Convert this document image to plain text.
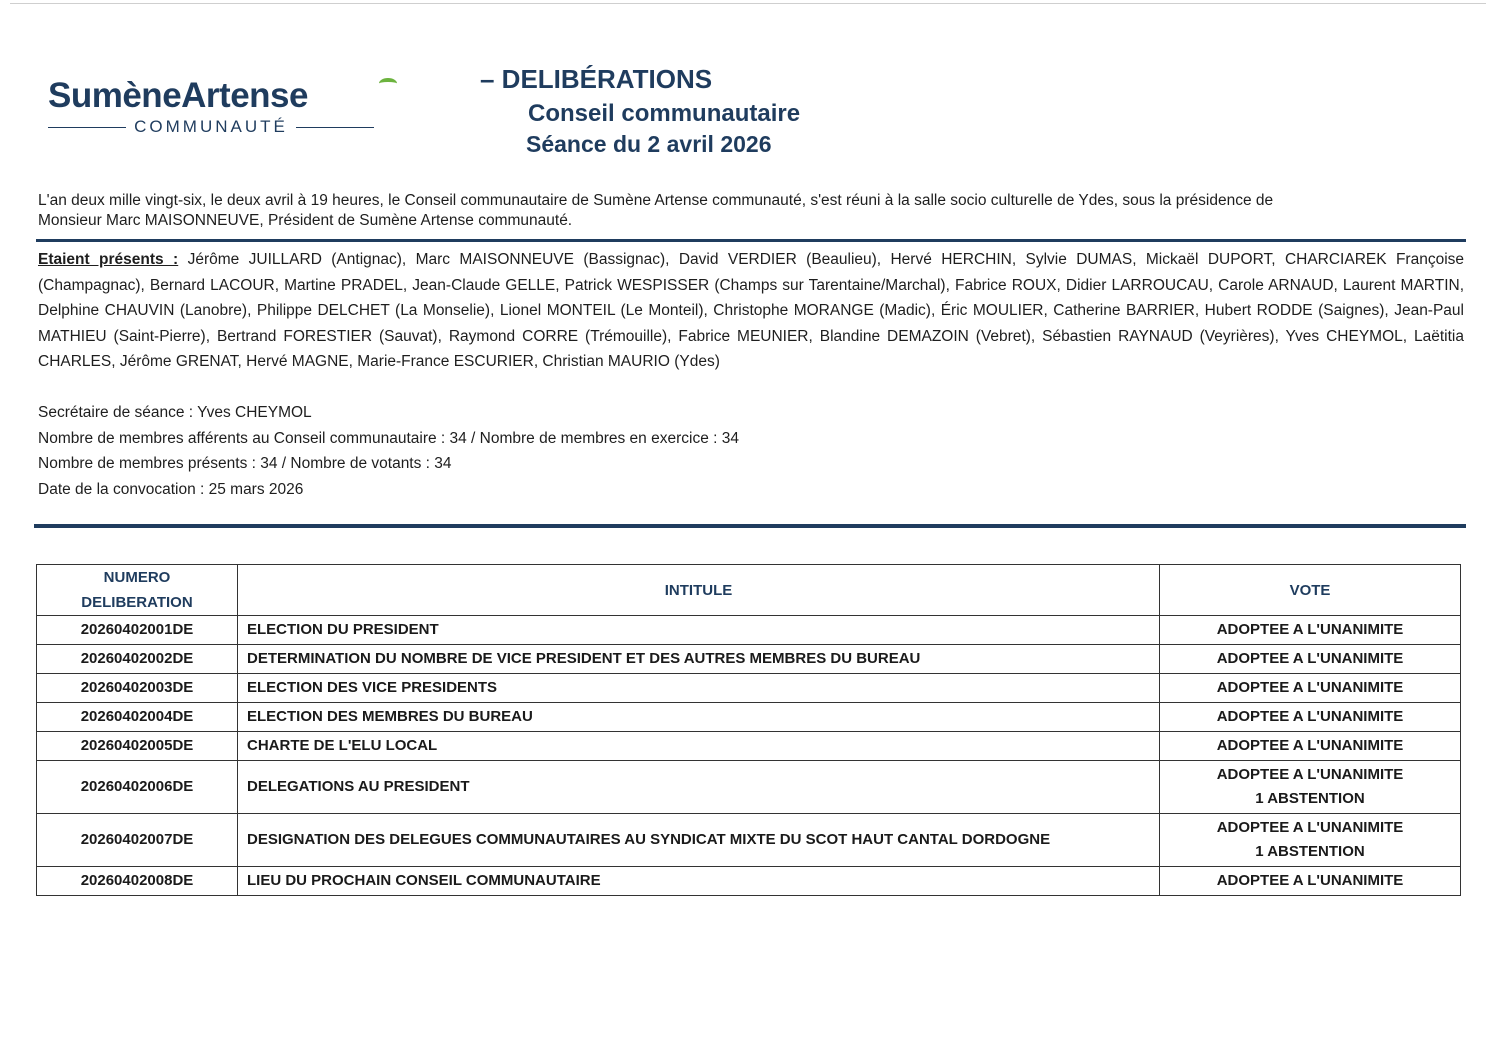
SumèneArtense
COMMUNAUTÉ
– DELIBÉRATIONS
Conseil communautaire
Séance du 2 avril 2026
L'an deux mille vingt-six, le deux avril à 19 heures, le Conseil communautaire de Sumène Artense communauté, s'est réuni à la salle socio culturelle de Ydes, sous la présidence de
Monsieur Marc MAISONNEUVE, Président de Sumène Artense communauté.
Etaient présents : Jérôme JUILLARD (Antignac), Marc MAISONNEUVE (Bassignac), David VERDIER (Beaulieu), Hervé HERCHIN, Sylvie DUMAS, Mickaël DUPORT, CHARCIAREK Françoise (Champagnac), Bernard LACOUR, Martine PRADEL, Jean-Claude GELLE, Patrick WESPISSER (Champs sur Tarentaine/Marchal), Fabrice ROUX, Didier LARROUCAU, Carole ARNAUD, Laurent MARTIN, Delphine CHAUVIN (Lanobre), Philippe DELCHET (La Monselie), Lionel MONTEIL (Le Monteil), Christophe MORANGE (Madic), Éric MOULIER, Catherine BARRIER, Hubert RODDE (Saignes), Jean-Paul MATHIEU (Saint-Pierre), Bertrand FORESTIER (Sauvat), Raymond CORRE (Trémouille), Fabrice MEUNIER, Blandine DEMAZOIN (Vebret), Sébastien RAYNAUD (Veyrières), Yves CHEYMOL, Laëtitia CHARLES, Jérôme GRENAT, Hervé MAGNE, Marie-France ESCURIER, Christian MAURIO (Ydes)
Secrétaire de séance : Yves CHEYMOL
Nombre de membres afférents au Conseil communautaire : 34 / Nombre de membres en exercice : 34
Nombre de membres présents : 34 / Nombre de votants : 34
Date de la convocation : 25 mars 2026
NUMERO
DELIBERATION	INTITULE	VOTE
20260402001DE	ELECTION DU PRESIDENT	ADOPTEE A L'UNANIMITE

20260402002DE	DETERMINATION DU NOMBRE DE VICE PRESIDENT ET DES AUTRES MEMBRES DU BUREAU	ADOPTEE A L'UNANIMITE

20260402003DE	ELECTION DES VICE PRESIDENTS	ADOPTEE A L'UNANIMITE

20260402004DE	ELECTION DES MEMBRES DU BUREAU	ADOPTEE A L'UNANIMITE

20260402005DE	CHARTE DE L'ELU LOCAL	ADOPTEE A L'UNANIMITE

20260402006DE	DELEGATIONS AU PRESIDENT	ADOPTEE A L'UNANIMITE
1 ABSTENTION

20260402007DE	DESIGNATION DES DELEGUES COMMUNAUTAIRES AU SYNDICAT MIXTE DU SCOT HAUT CANTAL DORDOGNE	ADOPTEE A L'UNANIMITE
1 ABSTENTION

20260402008DE	LIEU DU PROCHAIN CONSEIL COMMUNAUTAIRE	ADOPTEE A L'UNANIMITE
